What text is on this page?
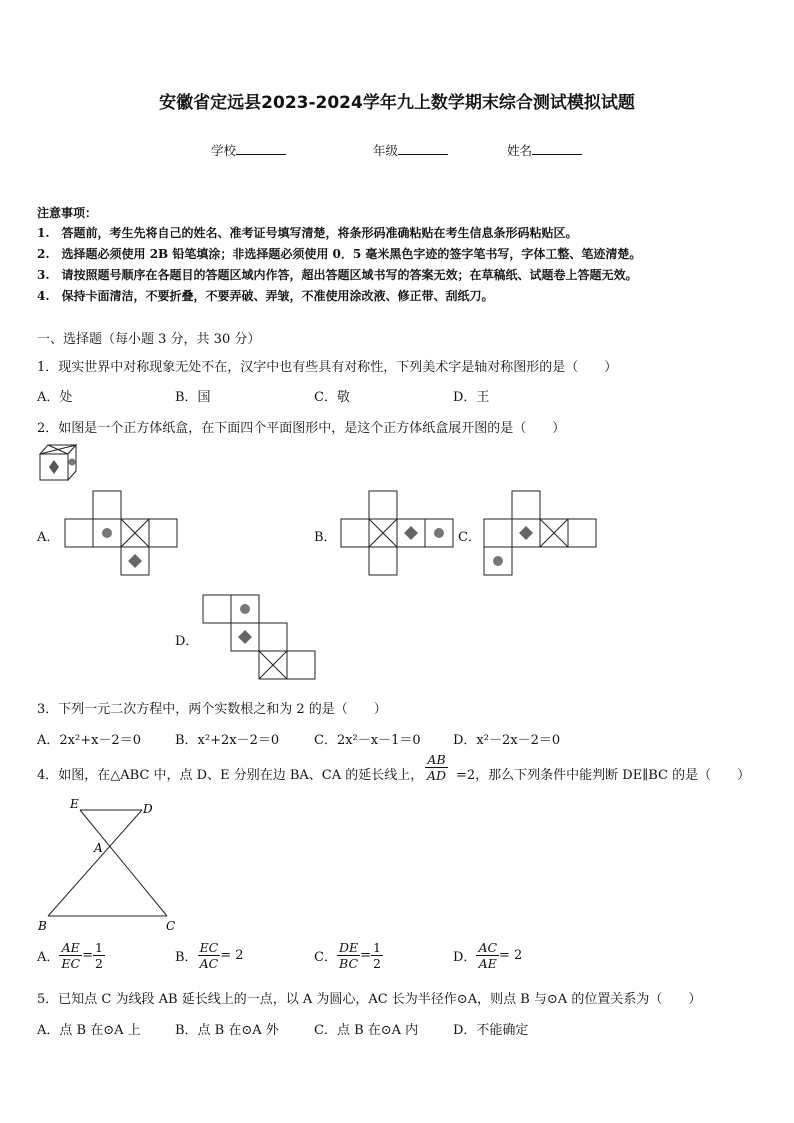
安徽省定远县2023-2024学年九上数学期末综合测试模拟试题
学校	年级	姓名
注意事项：
1.　答题前，考生先将自己的姓名、准考证号填写清楚，将条形码准确粘贴在考生信息条形码粘贴区。
2.　选择题必须使用 2B 铅笔填涂；非选择题必须使用 0．5 毫米黑色字迹的签字笔书写，字体工整、笔迹清楚。
3.　请按照题号顺序在各题目的答题区域内作答，超出答题区域书写的答案无效；在草稿纸、试题卷上答题无效。
4.　保持卡面清洁，不要折叠，不要弄破、弄皱，不准使用涂改液、修正带、刮纸刀。
一、选择题（每小题 3 分，共 30 分）
1．现实世界中对称现象无处不在，汉字中也有些具有对称性，下列美术字是轴对称图形的是（　　）
A．处	B．国	C．敬	D．王
2．如图是一个正方体纸盒，在下面四个平面图形中，是这个正方体纸盒展开图的是（　　）
A．	B．	C．
D．
3．下列一元二次方程中，两个实数根之和为 2 的是（　　）
A．2x²+x－2＝0	B．x²+2x－2＝0	C．2x²－x－1＝0 D．x²－2x－2＝0
4．如图，在△ABC 中，点 D、E 分别在边 BA、CA 的延长线上， $\frac{AB}{AD} =2$，那么下列条件中能判断 DE∥BC 的是（　　）
E	D
A
B	C
A． $\frac{AE}{EC} = \frac{1}{2}$	B． $\frac{EC}{AC} = 2$	C． $\frac{DE}{BC} = \frac{1}{2}$	D． $\frac{AC}{AE} = 2$
5．已知点 C 为线段 AB 延长线上的一点，以 A 为圆心，AC 长为半径作⊙A，则点 B 与⊙A 的位置关系为（　　）
A．点 B 在⊙A 上	B．点 B 在⊙A 外	C．点 B 在⊙A 内	D．不能确定
